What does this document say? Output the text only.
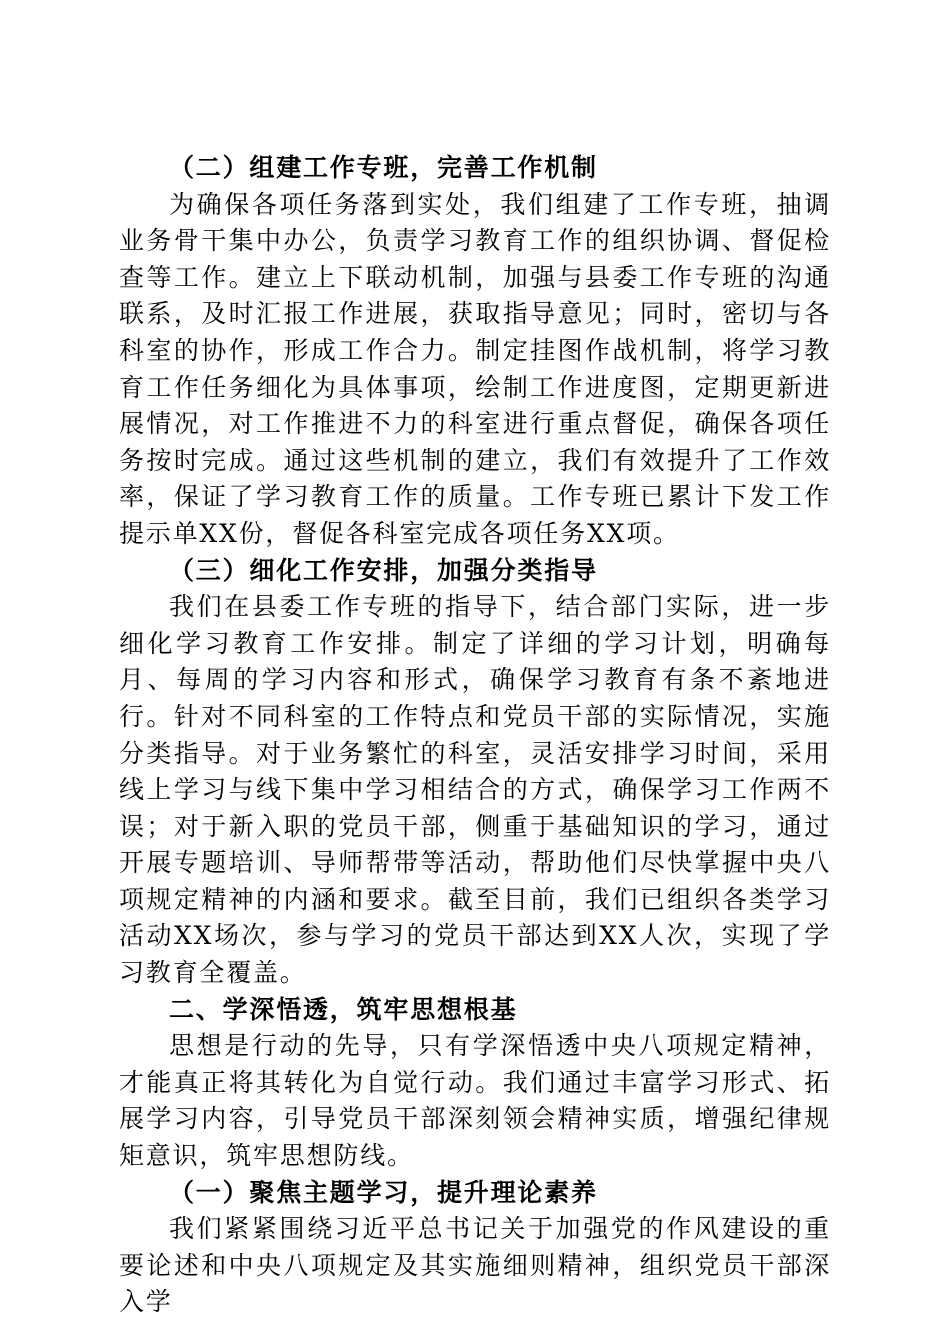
（二）组建工作专班，完善工作机制

为确保各项任务落到实处，我们组建了工作专班，抽调业务骨干集中办公，负责学习教育工作的组织协调、督促检查等工作。建立上下联动机制，加强与县委工作专班的沟通联系，及时汇报工作进展，获取指导意见；同时，密切与各科室的协作，形成工作合力。制定挂图作战机制，将学习教育工作任务细化为具体事项，绘制工作进度图，定期更新进展情况，对工作推进不力的科室进行重点督促，确保各项任务按时完成。通过这些机制的建立，我们有效提升了工作效率，保证了学习教育工作的质量。工作专班已累计下发工作提示单XX份，督促各科室完成各项任务XX项。

（三）细化工作安排，加强分类指导

我们在县委工作专班的指导下，结合部门实际，进一步细化学习教育工作安排。制定了详细的学习计划，明确每月、每周的学习内容和形式，确保学习教育有条不紊地进行。针对不同科室的工作特点和党员干部的实际情况，实施分类指导。对于业务繁忙的科室，灵活安排学习时间，采用线上学习与线下集中学习相结合的方式，确保学习工作两不误；对于新入职的党员干部，侧重于基础知识的学习，通过开展专题培训、导师帮带等活动，帮助他们尽快掌握中央八项规定精神的内涵和要求。截至目前，我们已组织各类学习活动XX场次，参与学习的党员干部达到XX人次，实现了学习教育全覆盖。

二、学深悟透，筑牢思想根基

思想是行动的先导，只有学深悟透中央八项规定精神，才能真正将其转化为自觉行动。我们通过丰富学习形式、拓展学习内容，引导党员干部深刻领会精神实质，增强纪律规矩意识，筑牢思想防线。

（一）聚焦主题学习，提升理论素养

我们紧紧围绕习近平总书记关于加强党的作风建设的重要论述和中央八项规定及其实施细则精神，组织党员干部深入学
